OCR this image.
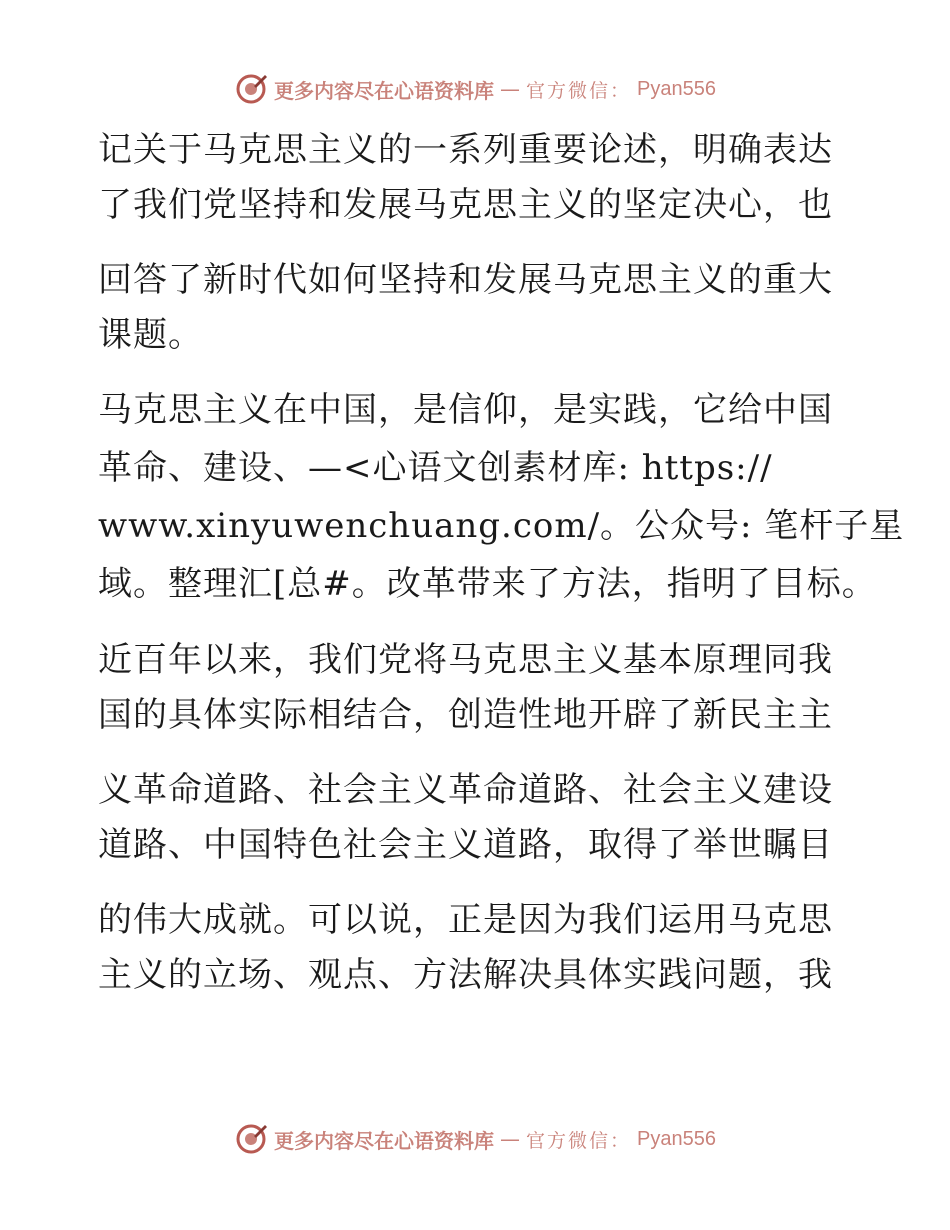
更多内容尽在心语资料库 — 官方微信： Pyan556
记关于马克思主义的一系列重要论述，明确表达
了我们党坚持和发展马克思主义的坚定决心，也
回答了新时代如何坚持和发展马克思主义的重大
课题。
马克思主义在中国，是信仰，是实践，它给中国
革命、建设、—<心语文创素材库: https://
www.xinyuwenchuang.com/。公众号: 笔杆子星
域。整理汇[总#。改革带来了方法，指明了目标。
近百年以来，我们党将马克思主义基本原理同我
国的具体实际相结合，创造性地开辟了新民主主
义革命道路、社会主义革命道路、社会主义建设
道路、中国特色社会主义道路，取得了举世瞩目
的伟大成就。可以说，正是因为我们运用马克思
主义的立场、观点、方法解决具体实践问题，我
更多内容尽在心语资料库 — 官方微信： Pyan556
